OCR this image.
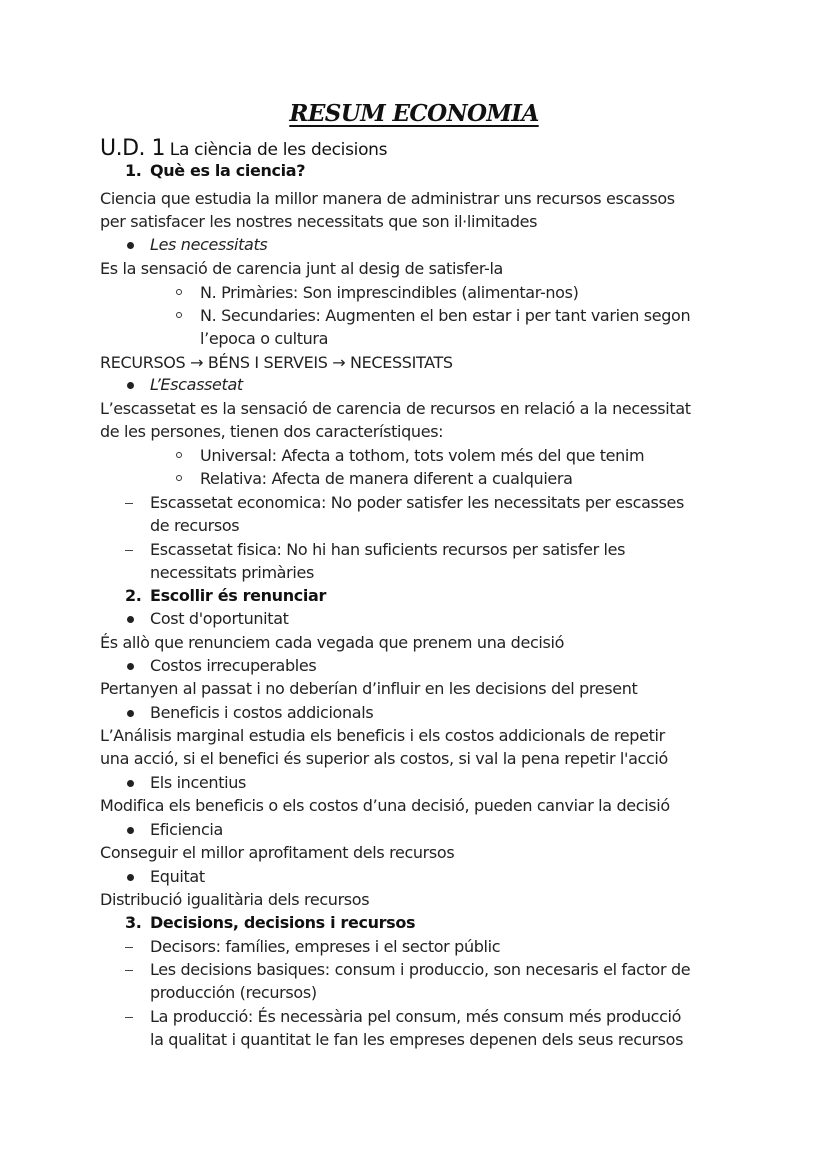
RESUM ECONOMIA
U.D. 1 La ciència de les decisions
1. Què es la ciencia?
Ciencia que estudia la millor manera de administrar uns recursos escassos
per satisfacer les nostres necessitats que son il·limitades
Les necessitats
Es la sensació de carencia junt al desig de satisfer-la
N. Primàries: Son imprescindibles (alimentar-nos)
N. Secundaries: Augmenten el ben estar i per tant varien segon
l’epoca o cultura
RECURSOS → BÉNS I SERVEIS → NECESSITATS
L’Escassetat
L’escassetat es la sensació de carencia de recursos en relació a la necessitat
de les persones, tienen dos característiques:
Universal: Afecta a tothom, tots volem més del que tenim
Relativa: Afecta de manera diferent a cualquiera
Escassetat economica: No poder satisfer les necessitats per escasses
de recursos
Escassetat fisica: No hi han suficients recursos per satisfer les
necessitats primàries
2. Escollir és renunciar
Cost d'oportunitat
És allò que renunciem cada vegada que prenem una decisió
Costos irrecuperables
Pertanyen al passat i no deberían d’influir en les decisions del present
Beneficis i costos addicionals
L’Análisis marginal estudia els beneficis i els costos addicionals de repetir
una acció, si el benefici és superior als costos, si val la pena repetir l'acció
Els incentius
Modifica els beneficis o els costos d’una decisió, pueden canviar la decisió
Eficiencia
Conseguir el millor aprofitament dels recursos
Equitat
Distribució igualitària dels recursos
3. Decisions, decisions i recursos
Decisors: famílies, empreses i el sector públic
Les decisions basiques: consum i produccio, son necesaris el factor de
producción (recursos)
La producció: És necessària pel consum, més consum més producció
la qualitat i quantitat le fan les empreses depenen dels seus recursos
